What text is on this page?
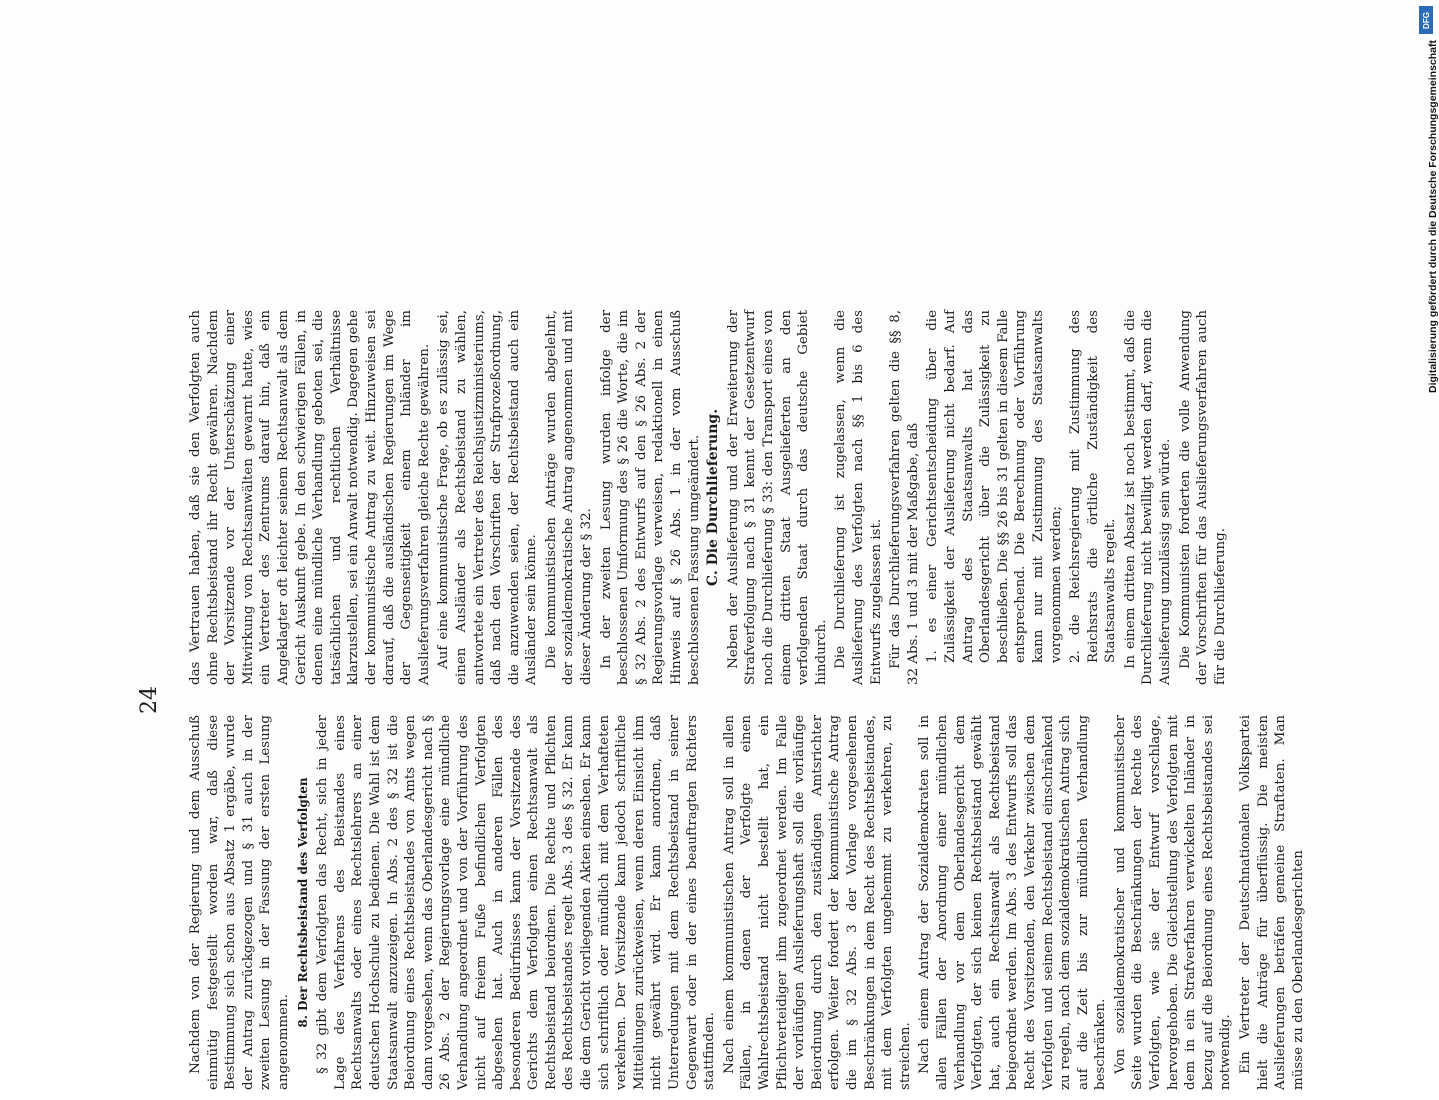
24

Nachdem von der Regierung und dem Ausschuß einmütig festgestellt worden war, daß diese Bestimmung sich schon aus Absatz 1 ergäbe, wurde der Antrag zurückgezogen und § 31 auch in der zweiten Lesung in der Fassung der ersten Lesung angenommen.

8. Der Rechtsbeistand des Verfolgten § 32 gibt dem Verfolgten das Recht, sich in jeder Lage des Verfahrens des Beistandes eines Rechtsanwalts oder eines Rechtslehrers an einer deutschen Hochschule zu bedienen. Die Wahl ist dem Staatsanwalt anzuzeigen. In Abs. 2 des § 32 ist die Beiordnung eines Rechtsbeistandes von Amts wegen dann vorgesehen, wenn das Oberlandesgericht nach § 26 Abs. 2 der Regierungsvorlage eine mündliche Verhandlung angeordnet und von der Vorführung des nicht auf freiem Fuße befindlichen Verfolgten abgesehen hat. Auch in anderen Fällen des besonderen Bedürfnisses kann der Vorsitzende des Gerichts dem Verfolgten einen Rechtsanwalt als Rechtsbeistand beiordnen. Die Rechte und Pflichten des Rechtsbeistandes regelt Abs. 3 des § 32. Er kann die dem Gericht vorliegenden Akten einsehen. Er kann sich schriftlich oder mündlich mit dem Verhafteten verkehren. Der Vorsitzende kann jedoch schriftliche Mitteilungen zurückweisen, wenn deren Einsicht ihm nicht gewährt wird. Er kann anordnen, daß Unterredungen mit dem Rechtsbeistand in seiner Gegenwart oder in der eines beauftragten Richters stattfinden. Nach einem kommunistischen Antrag soll in allen Fällen, in denen der Verfolgte einen Wahlrechtsbeistand nicht bestellt hat, ein Pflichtverteidiger ihm zugeordnet werden. Im Falle der vorläufigen Auslieferungshaft soll die vorläufige Beiordnung durch den zuständigen Amtsrichter erfolgen. Weiter fordert der kommunistische Antrag die im § 32 Abs. 3 der Vorlage vorgesehenen Beschränkungen in dem Recht des Rechtsbeistandes, mit dem Verfolgten ungehemmt zu verkehren, zu streichen. Nach einem Antrag der Sozialdemokraten soll in allen Fällen der Anordnung einer mündlichen Verhandlung vor dem Oberlandesgericht dem Verfolgten, der sich keinen Rechtsbeistand gewählt hat, auch ein Rechtsanwalt als Rechtsbeistand beigeordnet werden. Im Abs. 3 des Entwurfs soll das Recht des Vorsitzenden, den Verkehr zwischen dem Verfolgten und seinem Rechtsbeistand einschränkend zu regeln, nach dem sozialdemokratischen Antrag sich auf die Zeit bis zur mündlichen Verhandlung beschränken. Von sozialdemokratischer und kommunistischer Seite wurden die Beschränkungen der Rechte des Verfolgten, wie sie der Entwurf vorschlage, hervorgehoben. Die Gleichstellung des Verfolgten mit dem in ein Strafverfahren verwickelten Inländer in bezug auf die Beiordnung eines Rechtsbeistandes sei notwendig. Ein Vertreter der Deutschnationalen Volkspartei hielt die Anträge für überflüssig. Die meisten Auslieferungen beträfen gemeine Straftaten. Man müsse zu den Oberlandesgerichten

das Vertrauen haben, daß sie den Verfolgten auch ohne Rechtsbeistand ihr Recht gewähren. Nachdem der Vorsitzende vor der Unterschätzung einer Mitwirkung von Rechtsanwälten gewarnt hatte, wies ein Vertreter des Zentrums darauf hin, daß ein Angeklagter oft leichter seinem Rechtsanwalt als dem Gericht Auskunft gebe. In den schwierigen Fällen, in denen eine mündliche Verhandlung geboten sei, die tatsächlichen und rechtlichen Verhältnisse klarzustellen, sei ein Anwalt notwendig. Dagegen gehe der kommunistische Antrag zu weit. Hinzuweisen sei darauf, daß die ausländischen Regierungen im Wege der Gegenseitigkeit einem Inländer im Auslieferungsverfahren gleiche Rechte gewähren. Auf eine kommunistische Frage, ob es zulässig sei, einen Ausländer als Rechtsbeistand zu wählen, antwortete ein Vertreter des Reichsjustizministeriums, daß nach den Vorschriften der Strafprozeßordnung, die anzuwenden seien, der Rechtsbeistand auch ein Ausländer sein könne. Die kommunistischen Anträge wurden abgelehnt, der sozialdemokratische Antrag angenommen und mit dieser Änderung der § 32. In der zweiten Lesung wurden infolge der beschlossenen Umformung des § 26 die Worte, die im § 32 Abs. 2 des Entwurfs auf den § 26 Abs. 2 der Regierungsvorlage verweisen, redaktionell in einen Hinweis auf § 26 Abs. 1 in der vom Ausschuß beschlossenen Fassung umgeändert. C. Die Durchlieferung. Neben der Auslieferung und der Erweiterung der Strafverfolgung nach § 31 kennt der Gesetzentwurf noch die Durchlieferung § 33: den Transport eines von einem dritten Staat Ausgelieferten an den verfolgenden Staat durch das deutsche Gebiet hindurch. Die Durchlieferung ist zugelassen, wenn die Auslieferung des Verfolgten nach §§ 1 bis 6 des Entwurfs zugelassen ist. Für das Durchlieferungsverfahren gelten die §§ 8, 32 Abs. 1 und 3 mit der Maßgabe, daß 1. es einer Gerichtsentscheidung über die Zulässigkeit der Auslieferung nicht bedarf. Auf Antrag des Staatsanwalts hat das Oberlandesgericht über die Zulässigkeit zu beschließen. Die §§ 26 bis 31 gelten in diesem Falle entsprechend. Die Berechnung oder Vorführung kann nur mit Zustimmung des Staatsanwalts vorgenommen werden; 2. die Reichsregierung mit Zustimmung des Reichsrats die örtliche Zuständigkeit des Staatsanwalts regelt. In einem dritten Absatz ist noch bestimmt, daß die Durchlieferung nicht bewilligt werden darf, wenn die Auslieferung unzulässig sein würde. Die Kommunisten forderten die volle Anwendung der Vorschriften für das Auslieferungsverfahren auch für die Durchlieferung.

DFG
Digitalisierung gefördert durch die Deutsche Forschungsgemeinschaft
